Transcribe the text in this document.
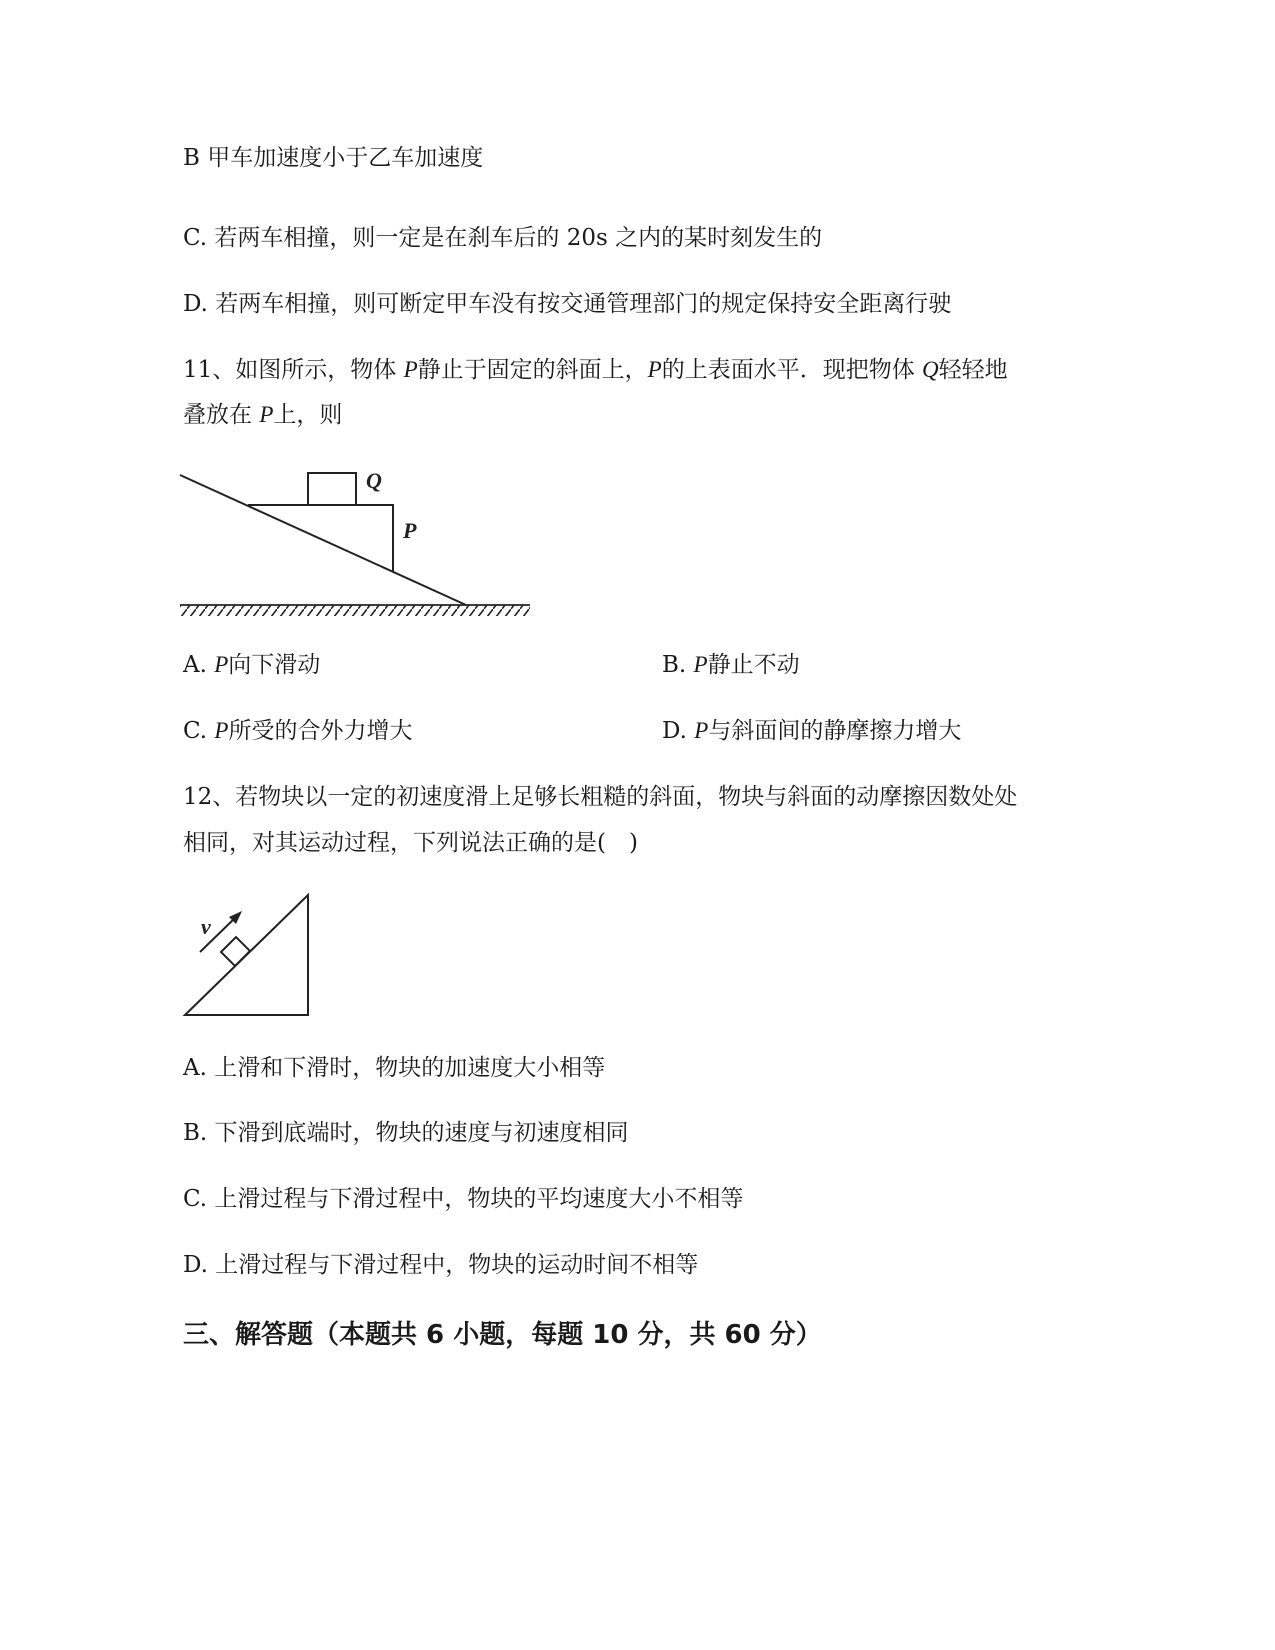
B 甲车加速度小于乙车加速度
C. 若两车相撞，则一定是在刹车后的 20s 之内的某时刻发生的
D. 若两车相撞，则可断定甲车没有按交通管理部门的规定保持安全距离行驶
11、如图所示，物体 P静止于固定的斜面上，P的上表面水平．现把物体 Q轻轻地
叠放在 P上，则
Q
P
A. P向下滑动	B. P静止不动
C. P所受的合外力增大	D. P与斜面间的静摩擦力增大
12、若物块以一定的初速度滑上足够长粗糙的斜面，物块与斜面的动摩擦因数处处
相同，对其运动过程，下列说法正确的是(　)
v
A. 上滑和下滑时，物块的加速度大小相等
B. 下滑到底端时，物块的速度与初速度相同
C. 上滑过程与下滑过程中，物块的平均速度大小不相等
D. 上滑过程与下滑过程中，物块的运动时间不相等
三、解答题（本题共 6 小题，每题 10 分，共 60 分）
